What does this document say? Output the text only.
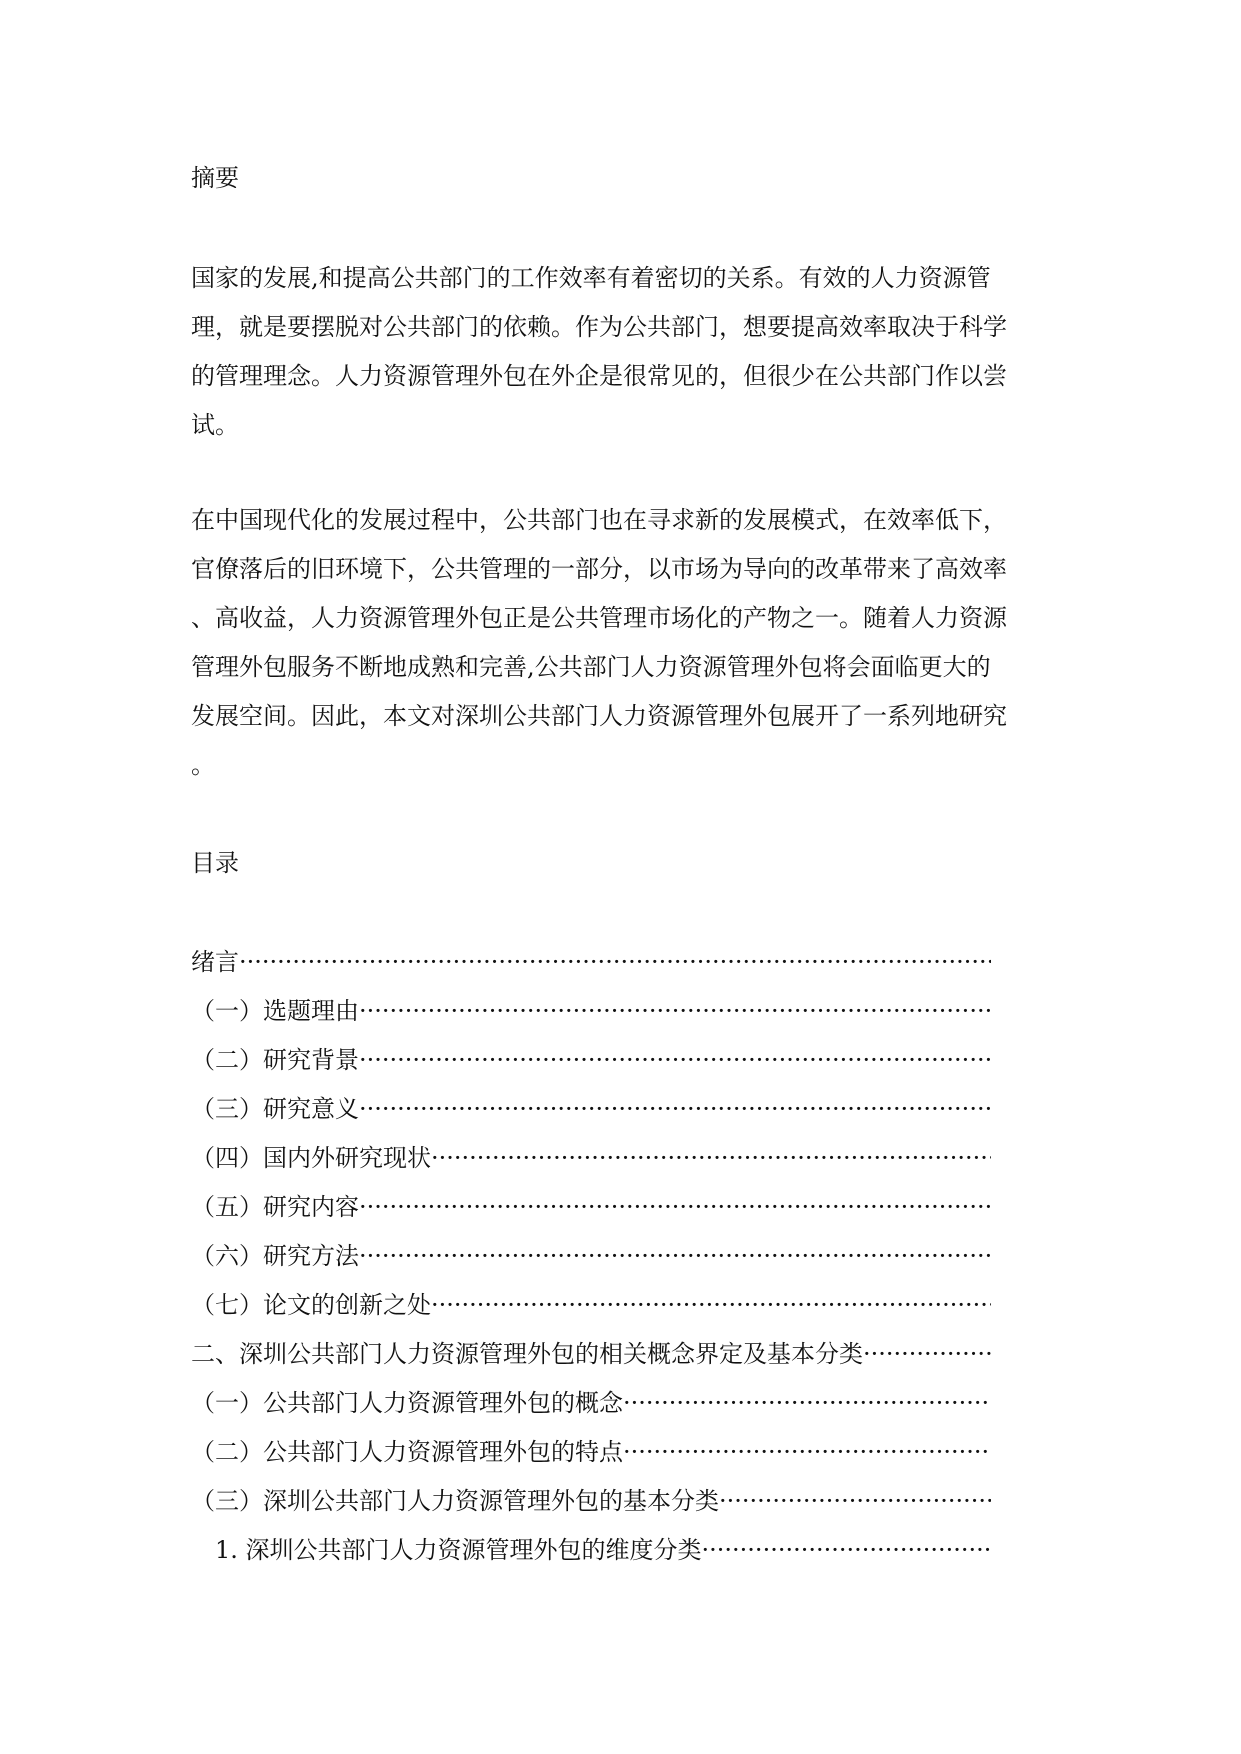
摘要
国家的发展,和提高公共部门的工作效率有着密切的关系。有效的人力资源管
理，就是要摆脱对公共部门的依赖。作为公共部门，想要提高效率取决于科学
的管理理念。人力资源管理外包在外企是很常见的，但很少在公共部门作以尝
试。
在中国现代化的发展过程中，公共部门也在寻求新的发展模式，在效率低下，
官僚落后的旧环境下，公共管理的一部分，以市场为导向的改革带来了高效率
、高收益，人力资源管理外包正是公共管理市场化的产物之一。随着人力资源
管理外包服务不断地成熟和完善,公共部门人力资源管理外包将会面临更大的
发展空间。因此，本文对深圳公共部门人力资源管理外包展开了一系列地研究
。
目录
绪言
·····
（一）选题理由
·····
（二）研究背景
·····
（三）研究意义
·····
（四）国内外研究现状
·····
（五）研究内容
·····
（六）研究方法
·····
（七）论文的创新之处
·····
二、深圳公共部门人力资源管理外包的相关概念界定及基本分类
·····
（一）公共部门人力资源管理外包的概念
·····
（二）公共部门人力资源管理外包的特点
·····
（三）深圳公共部门人力资源管理外包的基本分类
·····
1. 深圳公共部门人力资源管理外包的维度分类
·····
